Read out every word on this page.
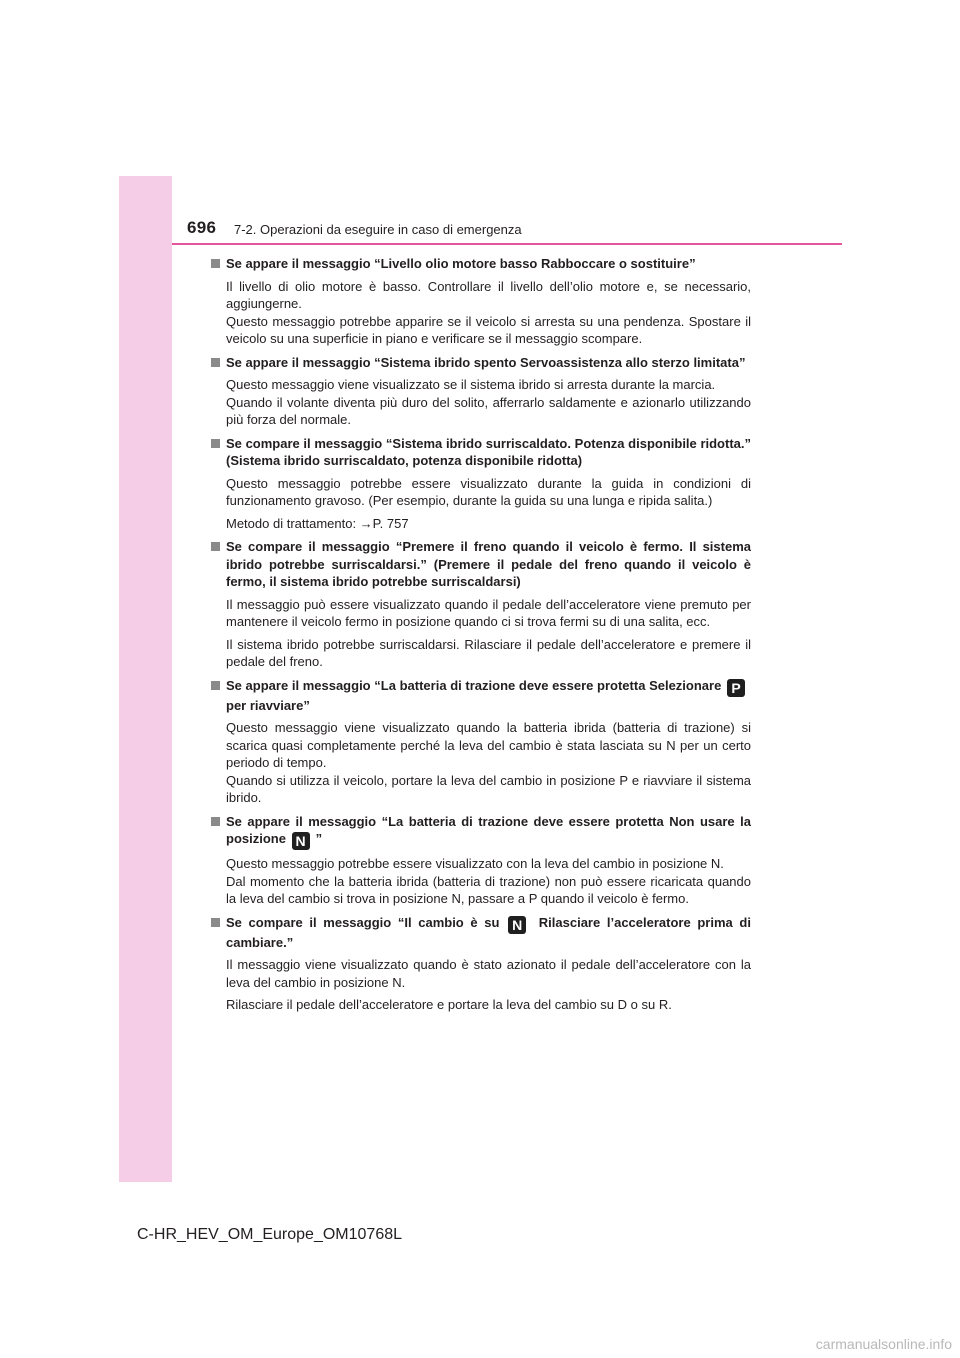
696 7-2. Operazioni da eseguire in caso di emergenza
Se appare il messaggio “Livello olio motore basso Rabboccare o sostituire”
Il livello di olio motore è basso. Controllare il livello dell’olio motore e, se necessario, aggiungerne.
Questo messaggio potrebbe apparire se il veicolo si arresta su una pendenza. Spostare il veicolo su una superficie in piano e verificare se il messaggio scompare.
Se appare il messaggio “Sistema ibrido spento Servoassistenza allo sterzo limitata”
Questo messaggio viene visualizzato se il sistema ibrido si arresta durante la marcia.
Quando il volante diventa più duro del solito, afferrarlo saldamente e azionarlo utilizzando più forza del normale.
Se compare il messaggio “Sistema ibrido surriscaldato. Potenza disponibile ridotta.” (Sistema ibrido surriscaldato, potenza disponibile ridotta)
Questo messaggio potrebbe essere visualizzato durante la guida in condizioni di funzionamento gravoso. (Per esempio, durante la guida su una lunga e ripida salita.)
Metodo di trattamento: →P. 757
Se compare il messaggio “Premere il freno quando il veicolo è fermo. Il sistema ibrido potrebbe surriscaldarsi.” (Premere il pedale del freno quando il veicolo è fermo, il sistema ibrido potrebbe surriscaldarsi)
Il messaggio può essere visualizzato quando il pedale dell’acceleratore viene premuto per mantenere il veicolo fermo in posizione quando ci si trova fermi su di una salita, ecc.
Il sistema ibrido potrebbe surriscaldarsi. Rilasciare il pedale dell’acceleratore e premere il pedale del freno.
Se appare il messaggio “La batteria di trazione deve essere protetta Selezionare Pper riavviare”
Questo messaggio viene visualizzato quando la batteria ibrida (batteria di trazione) si scarica quasi completamente perché la leva del cambio è stata lasciata su N per un certo periodo di tempo.
Quando si utilizza il veicolo, portare la leva del cambio in posizione P e riavviare il sistema ibrido.
Se appare il messaggio “La batteria di trazione deve essere protetta Non usare la posizione N ”
Questo messaggio potrebbe essere visualizzato con la leva del cambio in posizione N.
Dal momento che la batteria ibrida (batteria di trazione) non può essere ricaricata quando la leva del cambio si trova in posizione N, passare a P quando il veicolo è fermo.
Se compare il messaggio “Il cambio è su N Rilasciare l’acceleratore prima di cambiare.”
Il messaggio viene visualizzato quando è stato azionato il pedale dell’acceleratore con la leva del cambio in posizione N.
Rilasciare il pedale dell’acceleratore e portare la leva del cambio su D o su R.
C-HR_HEV_OM_Europe_OM10768L
carmanualsonline.info
